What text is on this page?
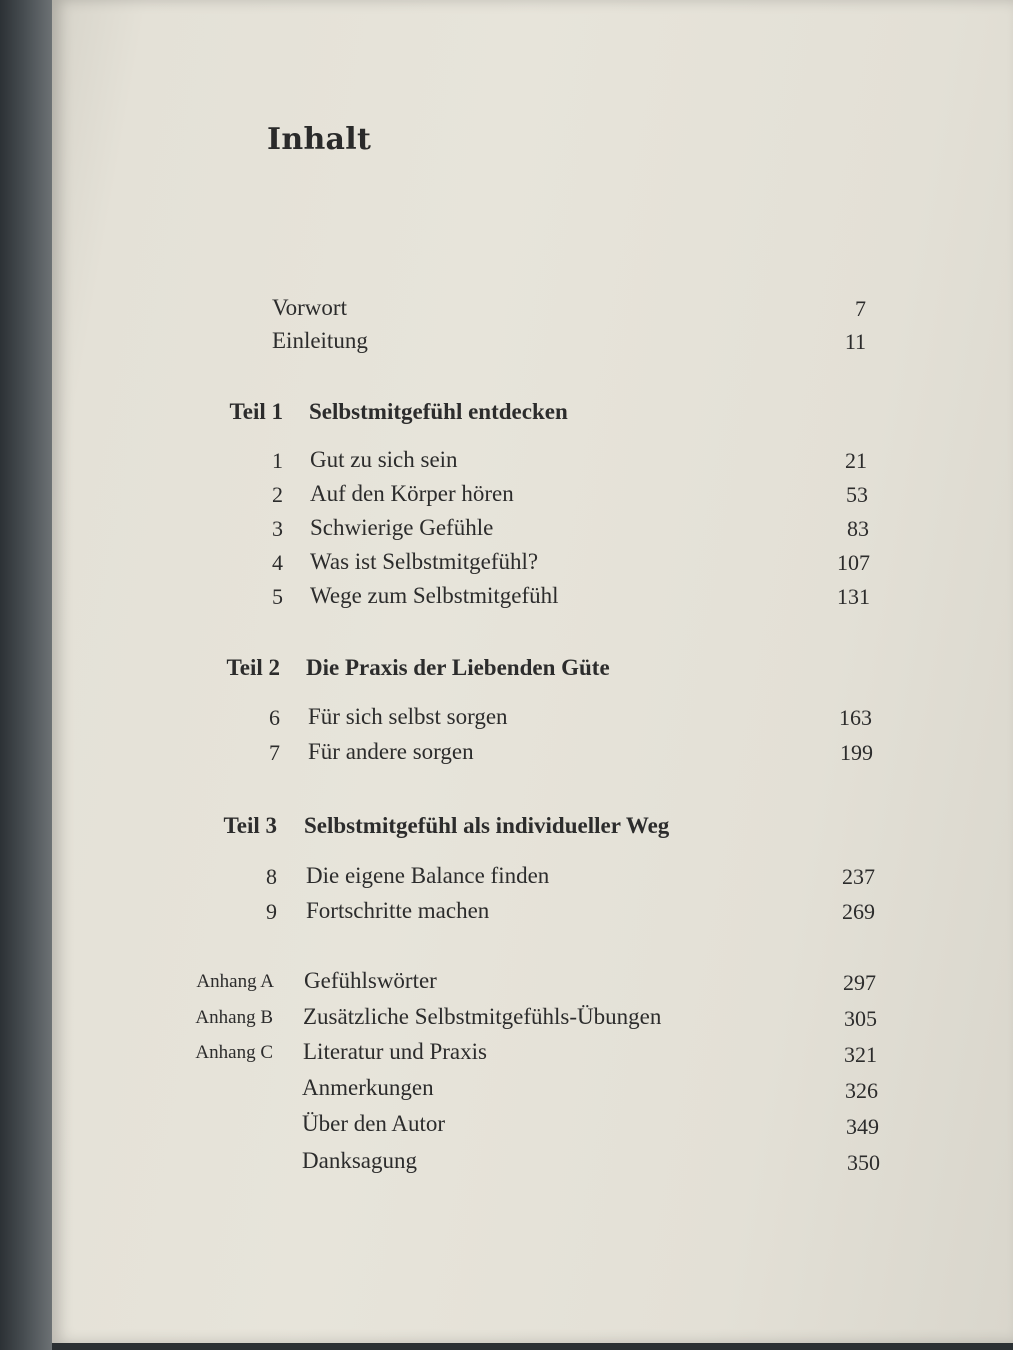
Inhalt
Vorwort	7
Einleitung	11
Teil 1 Selbstmitgefühl entdecken
1 Gut zu sich sein	21
2 Auf den Körper hören	53
3 Schwierige Gefühle	83
4 Was ist Selbstmitgefühl?	107
5 Wege zum Selbstmitgefühl	131
Teil 2 Die Praxis der Liebenden Güte
6 Für sich selbst sorgen	163
7 Für andere sorgen	199
Teil 3 Selbstmitgefühl als individueller Weg
8 Die eigene Balance finden	237
9 Fortschritte machen	269
Anhang A Gefühlswörter	297
Anhang B Zusätzliche Selbstmitgefühls-Übungen	305
Anhang C Literatur und Praxis	321
Anmerkungen	326
Über den Autor	349
Danksagung	350
